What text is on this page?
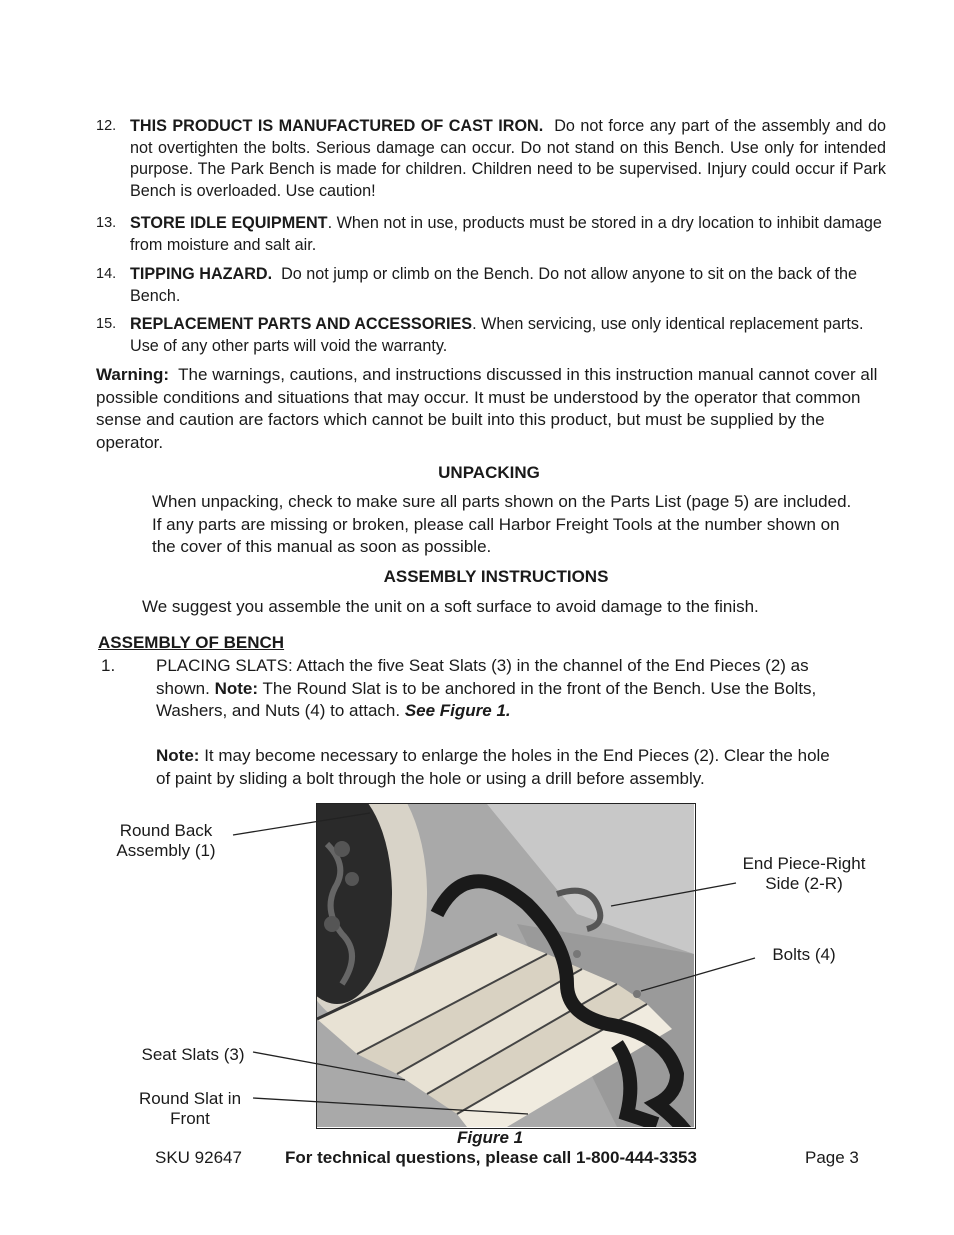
12. THIS PRODUCT IS MANUFACTURED OF CAST IRON. Do not force any part of the assembly and do not overtighten the bolts. Serious damage can occur. Do not stand on this Bench. Use only for intended purpose. The Park Bench is made for children. Children need to be supervised. Injury could occur if Park Bench is overloaded. Use caution!
13. STORE IDLE EQUIPMENT. When not in use, products must be stored in a dry location to inhibit damage from moisture and salt air.
14. TIPPING HAZARD. Do not jump or climb on the Bench. Do not allow anyone to sit on the back of the Bench.
15. REPLACEMENT PARTS AND ACCESSORIES. When servicing, use only identical replacement parts. Use of any other parts will void the warranty.
Warning: The warnings, cautions, and instructions discussed in this instruction manual cannot cover all possible conditions and situations that may occur. It must be understood by the operator that common sense and caution are factors which cannot be built into this product, but must be supplied by the operator.
UNPACKING
When unpacking, check to make sure all parts shown on the Parts List (page 5) are included. If any parts are missing or broken, please call Harbor Freight Tools at the number shown on the cover of this manual as soon as possible.
ASSEMBLY INSTRUCTIONS
We suggest you assemble the unit on a soft surface to avoid damage to the finish.
ASSEMBLY OF BENCH
1. PLACING SLATS: Attach the five Seat Slats (3) in the channel of the End Pieces (2) as shown. Note: The Round Slat is to be anchored in the front of the Bench. Use the Bolts, Washers, and Nuts (4) to attach. See Figure 1.
Note: It may become necessary to enlarge the holes in the End Pieces (2). Clear the hole of paint by sliding a bolt through the hole or using a drill before assembly.
Round Back Assembly (1)
End Piece-Right Side (2-R)
Bolts (4)
Seat Slats (3)
Round Slat in Front
Figure 1
SKU 92647	For technical questions, please call 1-800-444-3353	Page 3
